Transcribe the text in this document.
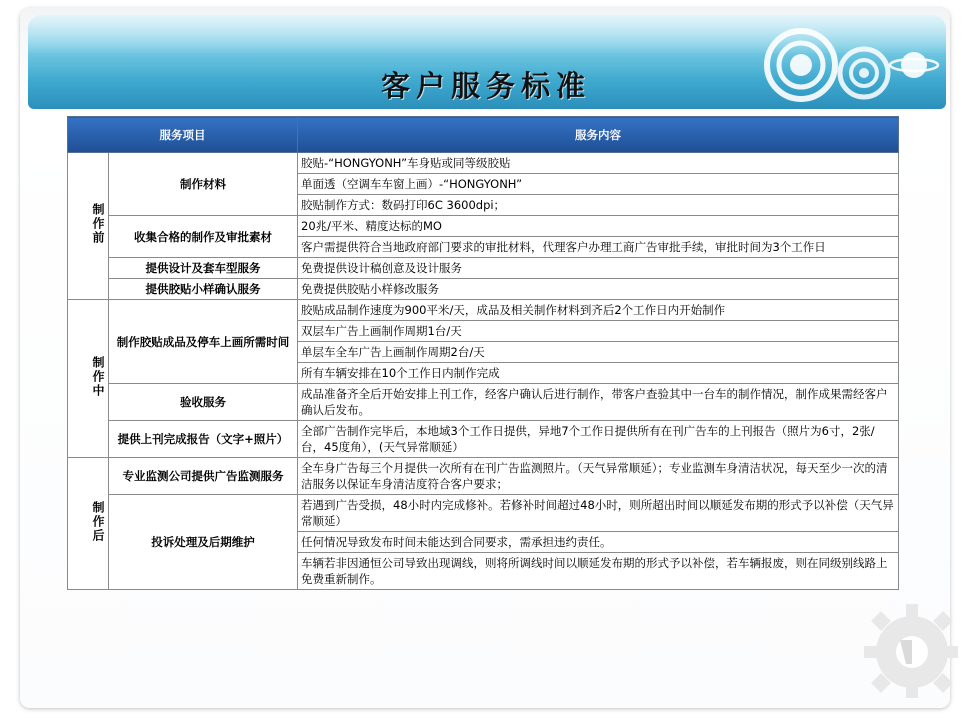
客户服务标准
服务项目		服务内容
制作前	制作材料	胶贴-“HONGYONH”车身贴或同等级胶贴
		单面透（空调车车窗上画）-“HONGYONH”
		胶贴制作方式：数码打印6C 3600dpi；
	收集合格的制作及审批素材	20兆/平米、精度达标的MO
		客户需提供符合当地政府部门要求的审批材料，代理客户办理工商广告审批手续，审批时间为3个工作日
	提供设计及套车型服务	免费提供设计稿创意及设计服务
	提供胶贴小样确认服务	免费提供胶贴小样修改服务
制作中	制作胶贴成品及停车上画所需时间	胶贴成品制作速度为900平米/天，成品及相关制作材料到齐后2个工作日内开始制作
		双层车广告上画制作周期1台/天
		单层车全车广告上画制作周期2台/天
		所有车辆安排在10个工作日内制作完成
	验收服务	成品准备齐全后开始安排上刊工作，经客户确认后进行制作，带客户查验其中一台车的制作情况，制作成果需经客户确认后发布。
	提供上刊完成报告（文字+照片）	全部广告制作完毕后，本地域3个工作日提供，异地7个工作日提供所有在刊广告车的上刊报告（照片为6寸，2张/台，45度角），(天气异常顺延）
制作后	专业监测公司提供广告监测服务	全车身广告每三个月提供一次所有在刊广告监测照片。（天气异常顺延）；专业监测车身清洁状况，每天至少一次的清洁服务以保证车身清洁度符合客户要求；
	投诉处理及后期维护	若遇到广告受损，48小时内完成修补。若修补时间超过48小时，则所超出时间以顺延发布期的形式予以补偿（天气异常顺延）
		任何情况导致发布时间未能达到合同要求，需承担违约责任。
		车辆若非因通恒公司导致出现调线，则将所调线时间以顺延发布期的形式予以补偿，若车辆报废，则在同级别线路上免费重新制作。
